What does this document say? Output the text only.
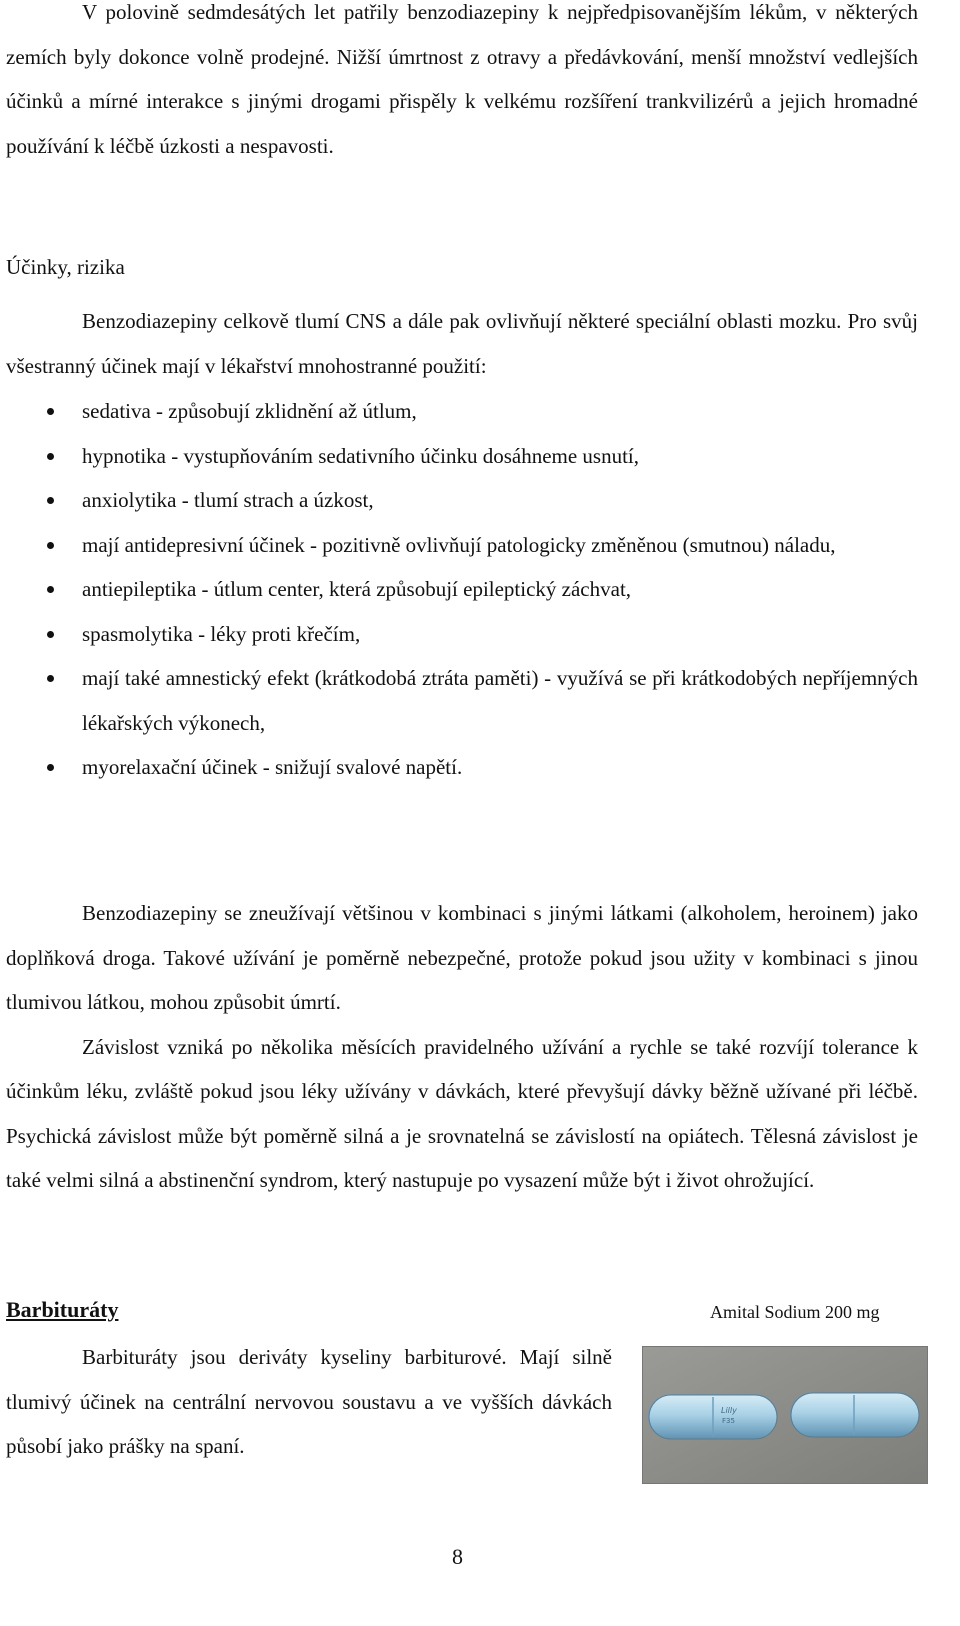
V polovině sedmdesátých let patřily benzodiazepiny k nejpředpisovanějším lékům, v některých zemích byly dokonce volně prodejné. Nižší úmrtnost z otravy a předávkování, menší množství vedlejších účinků a mírné interakce s jinými drogami přispěly k velkému rozšíření trankvilizérů a jejich hromadné používání k léčbě úzkosti a nespavosti.

Účinky, rizika

Benzodiazepiny celkově tlumí CNS a dále pak ovlivňují některé speciální oblasti mozku. Pro svůj všestranný účinek mají v lékařství mnohostranné použití:

sedativa - způsobují zklidnění až útlum,
hypnotika - vystupňováním sedativního účinku dosáhneme usnutí,
anxiolytika - tlumí strach a úzkost,
mají antidepresivní účinek - pozitivně ovlivňují patologicky změněnou (smutnou) náladu,
antiepileptika - útlum center, která způsobují epileptický záchvat,
spasmolytika - léky proti křečím,
mají také amnestický efekt (krátkodobá ztráta paměti) - využívá se při krátkodobých nepříjemných lékařských výkonech,
myorelaxační účinek - snižují svalové napětí.

Benzodiazepiny se zneužívají většinou v kombinaci s jinými látkami (alkoholem, heroinem) jako doplňková droga. Takové užívání je poměrně nebezpečné, protože pokud jsou užity v kombinaci s jinou tlumivou látkou, mohou způsobit úmrtí.

Závislost vzniká po několika měsících pravidelného užívání a rychle se také rozvíjí tolerance k účinkům léku, zvláště pokud jsou léky užívány v dávkách, které převyšují dávky běžně užívané při léčbě. Psychická závislost může být poměrně silná a je srovnatelná se závislostí na opiátech. Tělesná závislost je také velmi silná a abstinenční syndrom, který nastupuje po vysazení může být i život ohrožující.

Barbituráty	Amital Sodium 200 mg

Barbituráty jsou deriváty kyseliny barbiturové. Mají silně tlumivý účinek na centrální nervovou soustavu a ve vyšších dávkách působí jako prášky na spaní.

Lilly
F35
8
